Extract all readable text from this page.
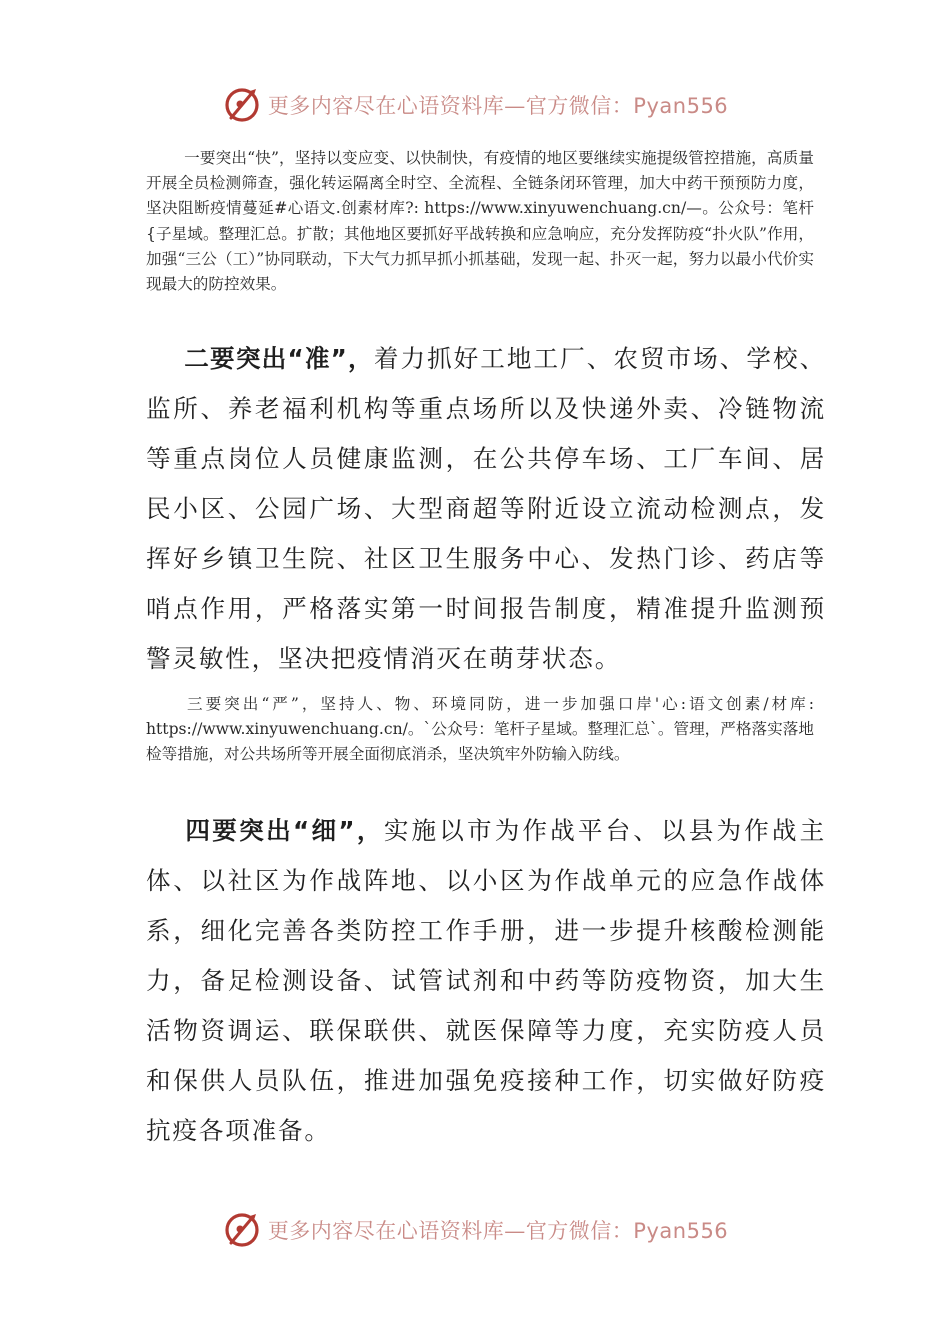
更多内容尽在心语资料库—官方微信：Pyan556

一要突出“快”，坚持以变应变、以快制快，有疫情的地区要继续实施提级管控措施，高质量开展全员检测筛查，强化转运隔离全时空、全流程、全链条闭环管理，加大中药干预预防力度，坚决阻断疫情蔓延#心语文.创素材库?: https://www.xinyuwenchuang.cn/—。公众号：笔杆{子星域。整理汇总。扩散；其他地区要抓好平战转换和应急响应，充分发挥防疫“扑火队”作用，加强“三公（工）”协同联动，下大气力抓早抓小抓基础，发现一起、扑灭一起，努力以最小代价实现最大的防控效果。

二要突出“准”，着力抓好工地工厂、农贸市场、学校、监所、养老福利机构等重点场所以及快递外卖、冷链物流等重点岗位人员健康监测，在公共停车场、工厂车间、居民小区、公园广场、大型商超等附近设立流动检测点，发挥好乡镇卫生院、社区卫生服务中心、发热门诊、药店等哨点作用，严格落实第一时间报告制度，精准提升监测预警灵敏性，坚决把疫情消灭在萌芽状态。

三要突出“严”，坚持人、物、环境同防，进一步加强口岸'心:语文创素/材库: https://www.xinyuwenchuang.cn/。`公众号：笔杆子星域。整理汇总`。管理，严格落实落地检等措施，对公共场所等开展全面彻底消杀，坚决筑牢外防输入防线。

四要突出“细”，实施以市为作战平台、以县为作战主体、以社区为作战阵地、以小区为作战单元的应急作战体系，细化完善各类防控工作手册，进一步提升核酸检测能力，备足检测设备、试管试剂和中药等防疫物资，加大生活物资调运、联保联供、就医保障等力度，充实防疫人员和保供人员队伍，推进加强免疫接种工作，切实做好防疫抗疫各项准备。

更多内容尽在心语资料库—官方微信：Pyan556
